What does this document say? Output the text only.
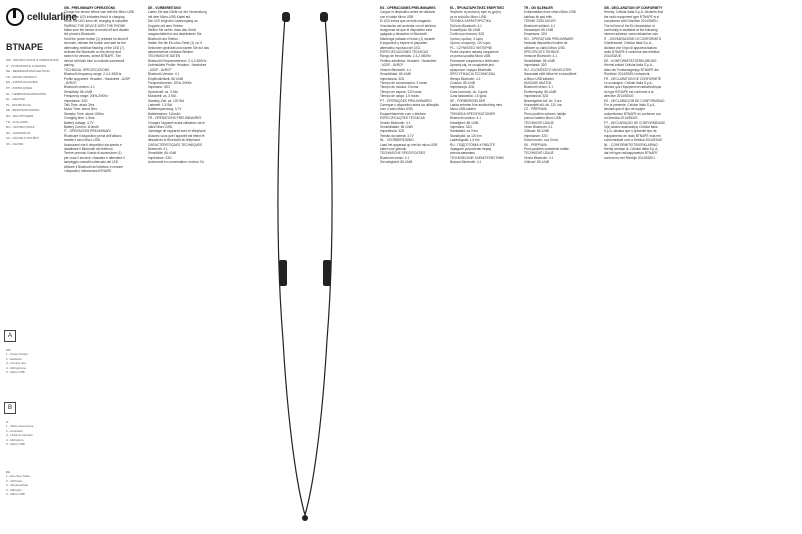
cellularline
BTNAPE
GB - INSTRUCTIONS & OPERATIONS
IT - ISTRUZIONI E FUNZIONI
DE - BEDIENUNGSANLEITUNG
FR - MODE D'EMPLOI
ES - INSTRUCCIONES
PT - INSTRUÇÕES
NL - GEBRUIKSAANWIJZING
EL - ΟΔΗΓΙΕΣ
PL - INSTRUKCJA
SE - BRUKSANVISNING
RU - ИНСТРУКЦИЯ
TR - KULLANIM
RO - INSTRUCȚIUNI
HU - HASZNÁLAT
CZ - NÁVOD K POUŽITÍ
SK - NÁVOD
A
B
GB
1 - Power button
2 - Earbuds
3 - Control unit
4 - Microphone
5 - Micro USB
IT
1 - Tasto accensione
2 - Auricolari
3 - Unità di controllo
4 - Microfono
5 - Micro USB
DE
1 - Ein-/Aus-Taste
2 - Ohrhörer
3 - Steuereinheit
4 - Mikrofon
5 - Micro USB
GB - PRELIMINARY OPERATIONS
Charge the device before use with the Micro USB
cable. The LED indicates that it is charging.
When the LED turns off, charging is complete.
PAIRING THE DEVICE WITH THE PHONE
Make sure the device is turned off and disable
the phone's Bluetooth.
Hold the power button (1) pressed for about 5
seconds, release the button and wait for the
alternating red/blue flashing of the LED (7).
Activate the Bluetooth on the phone and
search for devices, select BTNAPE. The
device will flash blue to indicate successful
pairing.
TECHNICAL SPECIFICATIONS
Bluetooth frequency range: 2.4-2.48GHz
Profile supported: Headset - Handsfree - A2DP
- AVRCP
Bluetooth version: 4.1
Sensitivity: 86 ±2dB
Frequency range: 20Hz-20KHz
Impedance: 32Ω
Talk Time: about 3hrs
Music Time: about 3hrs
Standby Time: about 120hrs
Charging time: 1.5hrs
Battery voltage: 3.7V
Battery Current: 110mAh
IT - OPERAZIONI PRELIMINARI
Ricaricare il dispositivo prima dell'utilizzo
tramite il cavo Micro USB.
Assicurarsi che il dispositivo sia spento e
disattivare il Bluetooth del telefono.
Tenere premuto il tasto di accensione (1)
per circa 5 secondi, rilasciare e attendere il
lampeggio rosso/blu alternato del LED.
Attivare il Bluetooth del telefono e cercare
i dispositivi, selezionare BTNAPE.
DE - VORBEREITUNG
Laden Sie das Gerät vor der Verwendung
mit dem Micro-USB-Kabel auf.
Die LED zeigt den Ladevorgang an.
Koppeln mit dem Telefon
Stellen Sie sicher, dass das Gerät
ausgeschaltet ist und deaktivieren Sie
Bluetooth am Telefon.
Halten Sie die Ein-/Aus-Taste (1) ca. 5
Sekunden gedrückt und warten Sie auf das
abwechselnde rot/blaue Blinken.
TECHNISCHE DATEN
Bluetooth-Frequenzbereich: 2.4-2.48GHz
Unterstützte Profile: Headset - Handsfree
- A2DP - AVRCP
Bluetooth-Version: 4.1
Empfindlichkeit: 86 ±2dB
Frequenzbereich: 20Hz-20KHz
Impedanz: 32Ω
Sprechzeit: ca. 3 Std.
Musikzeit: ca. 3 Std.
Standby-Zeit: ca. 120 Std.
Ladezeit: 1,5 Std.
Batteriespannung: 3,7V
Batteriestrom: 110mAh
FR - OPÉRATIONS PRÉLIMINAIRES
Chargez l'appareil avant utilisation via le
câble Micro USB.
Jumelage de l'appareil avec le téléphone
Assurez-vous que l'appareil est éteint et
désactivez le Bluetooth du téléphone.
CARACTÉRISTIQUES TECHNIQUES
Bluetooth: 4.1
Sensibilité: 86 ±2dB
Impédance: 32Ω
Autonomie en conversation: environ 3 h
ES - OPERACIONES PRELIMINARES
Cargue el dispositivo antes de utilizarlo
con el cable Micro USB.
El LED indica que se está cargando.
Vinculación del auricular con el teléfono
Asegúrese de que el dispositivo está
apagado y desactive el Bluetooth.
Mantenga pulsado el botón (1) durante
5 segundos y espere el parpadeo
alternativo rojo/azul del LED.
ESPECIFICACIONES TÉCNICAS
Rango de frecuencias: 2.4-2.48GHz
Perfiles admitidos: Headset - Handsfree
- A2DP - AVRCP
Versión Bluetooth: 4.1
Sensibilidad: 86 ±2dB
Impedancia: 32Ω
Tiempo de conversación: 3 horas
Tiempo de música: 3 horas
Tiempo en espera: 120 horas
Tiempo de carga: 1,5 horas
PT - OPERAÇÕES PRELIMINARES
Carregue o dispositivo antes da utilização
com o cabo Micro USB.
Emparelhamento com o telefone
ESPECIFICAÇÕES TÉCNICAS
Versão Bluetooth: 4.1
Sensibilidade: 86 ±2dB
Impedância: 32Ω
Tensão da bateria: 3,7V
NL - VOORBEREIDING
Laad het apparaat op met de micro-USB
kabel voor gebruik.
TECHNISCHE SPECIFICATIES
Bluetooth-versie: 4.1
Gevoeligheid: 86 ±2dB
EL - ΠΡΟΚΑΤΑΡΚΤΙΚΕΣ ΕΝΕΡΓΕΙΕΣ
Φορτίστε τη συσκευή πριν τη χρήση
με το καλώδιο Micro USB.
ΤΕΧΝΙΚΑ ΧΑΡΑΚΤΗΡΙΣΤΙΚΑ
Έκδοση Bluetooth: 4.1
Ευαισθησία: 86 ±2dB
Σύνθετη αντίσταση: 32Ω
Χρόνος ομιλίας: 3 ώρες
Χρόνος αναμονής: 120 ώρες
PL - CZYNNOŚCI WSTĘPNE
Przed użyciem naładuj urządzenie
za pomocą kabla Micro USB.
Parowanie urządzenia z telefonem
Upewnij się, że urządzenie jest
wyłączone i wyłącz Bluetooth.
SPECYFIKACJA TECHNICZNA
Wersja Bluetooth: 4.1
Czułość: 86 ±2dB
Impedancja: 32Ω
Czas rozmowy: ok. 3 godz.
Czas ładowania: 1,5 godz.
SE - FÖRBEREDELSER
Ladda enheten före användning med
Micro USB-kabeln.
TEKNISKA SPECIFIKATIONER
Bluetooth-version: 4.1
Känslighet: 86 ±2dB
Impedans: 32Ω
Samtalstid: ca 3 tim
Standbytid: ca 120 tim
Laddningstid: 1,5 tim
RU - ПОДГОТОВКА К РАБОТЕ
Зарядите устройство перед
использованием.
ТЕХНИЧЕСКИЕ ХАРАКТЕРИСТИКИ
Версия Bluetooth: 4.1
TR - ÖN İŞLEMLER
Kullanmadan önce cihazı Micro USB
kablosu ile şarj edin.
TEKNİK ÖZELLİKLER
Bluetooth sürümü: 4.1
Hassasiyet: 86 ±2dB
Empedans: 32Ω
RO - OPERAȚIUNI PRELIMINARE
Încărcați dispozitivul înainte de
utilizare cu cablul Micro USB.
SPECIFICAȚII TEHNICE
Versiune Bluetooth: 4.1
Sensibilitate: 86 ±2dB
Impedanță: 32Ω
HU - ELŐKÉSZÍTŐ MŰVELETEK
Használat előtt töltse fel a készüléket
a Micro USB kábellel.
MŰSZAKI ADATOK
Bluetooth verzió: 4.1
Érzékenység: 86 ±2dB
Impedancia: 32Ω
Beszélgetési idő: kb. 3 óra
Készenléti idő: kb. 120 óra
CZ - PŘÍPRAVA
Před použitím zařízení nabijte
pomocí kabelu Micro USB.
TECHNICKÉ ÚDAJE
Verze Bluetooth: 4.1
Citlivost: 86 ±2dB
Impedance: 32Ω
Doba hovoru: cca 3 hod.
SK - PRÍPRAVA
Pred použitím zariadenie nabite.
TECHNICKÉ ÚDAJE
Verzia Bluetooth: 4.1
Citlivosť: 86 ±2dB
GB - DECLARATION OF CONFORMITY
Hereby, Cellular Italia S.p.A. declares that
the radio equipment type BTNAPE is in
compliance with Directive 2014/53/EU.
The full text of the EU declaration of
conformity is available at the following
internet address: www.cellularline.com
IT - DICHIARAZIONE DI CONFORMITÀ
Il fabbricante, Cellular Italia S.p.A.,
dichiara che il tipo di apparecchiatura
radio BTNAPE è conforme alla direttiva
2014/53/UE.
DE - KONFORMITÄTSERKLÄRUNG
Hiermit erklärt Cellular Italia S.p.A.,
dass der Funkanlagentyp BTNAPE der
Richtlinie 2014/53/EU entspricht.
FR - DÉCLARATION DE CONFORMITÉ
Le soussigné, Cellular Italia S.p.A.,
déclare que l'équipement radioélectrique
du type BTNAPE est conforme à la
directive 2014/53/UE.
ES - DECLARACIÓN DE CONFORMIDAD
Por la presente, Cellular Italia S.p.A.
declara que el tipo de equipo
radioeléctrico BTNAPE es conforme con
la Directiva 2014/53/UE.
PT - DECLARAÇÃO DE CONFORMIDADE
O(a) abaixo assinado(a) Cellular Italia
S.p.A. declara que o presente tipo de
equipamento de rádio BTNAPE está em
conformidade com a Diretiva 2014/53/UE.
NL - CONFORMITEITSVERKLARING
Hierbij verklaar ik, Cellular Italia S.p.A.,
dat het type radioapparatuur BTNAPE
conform is met Richtlijn 2014/53/EU.
